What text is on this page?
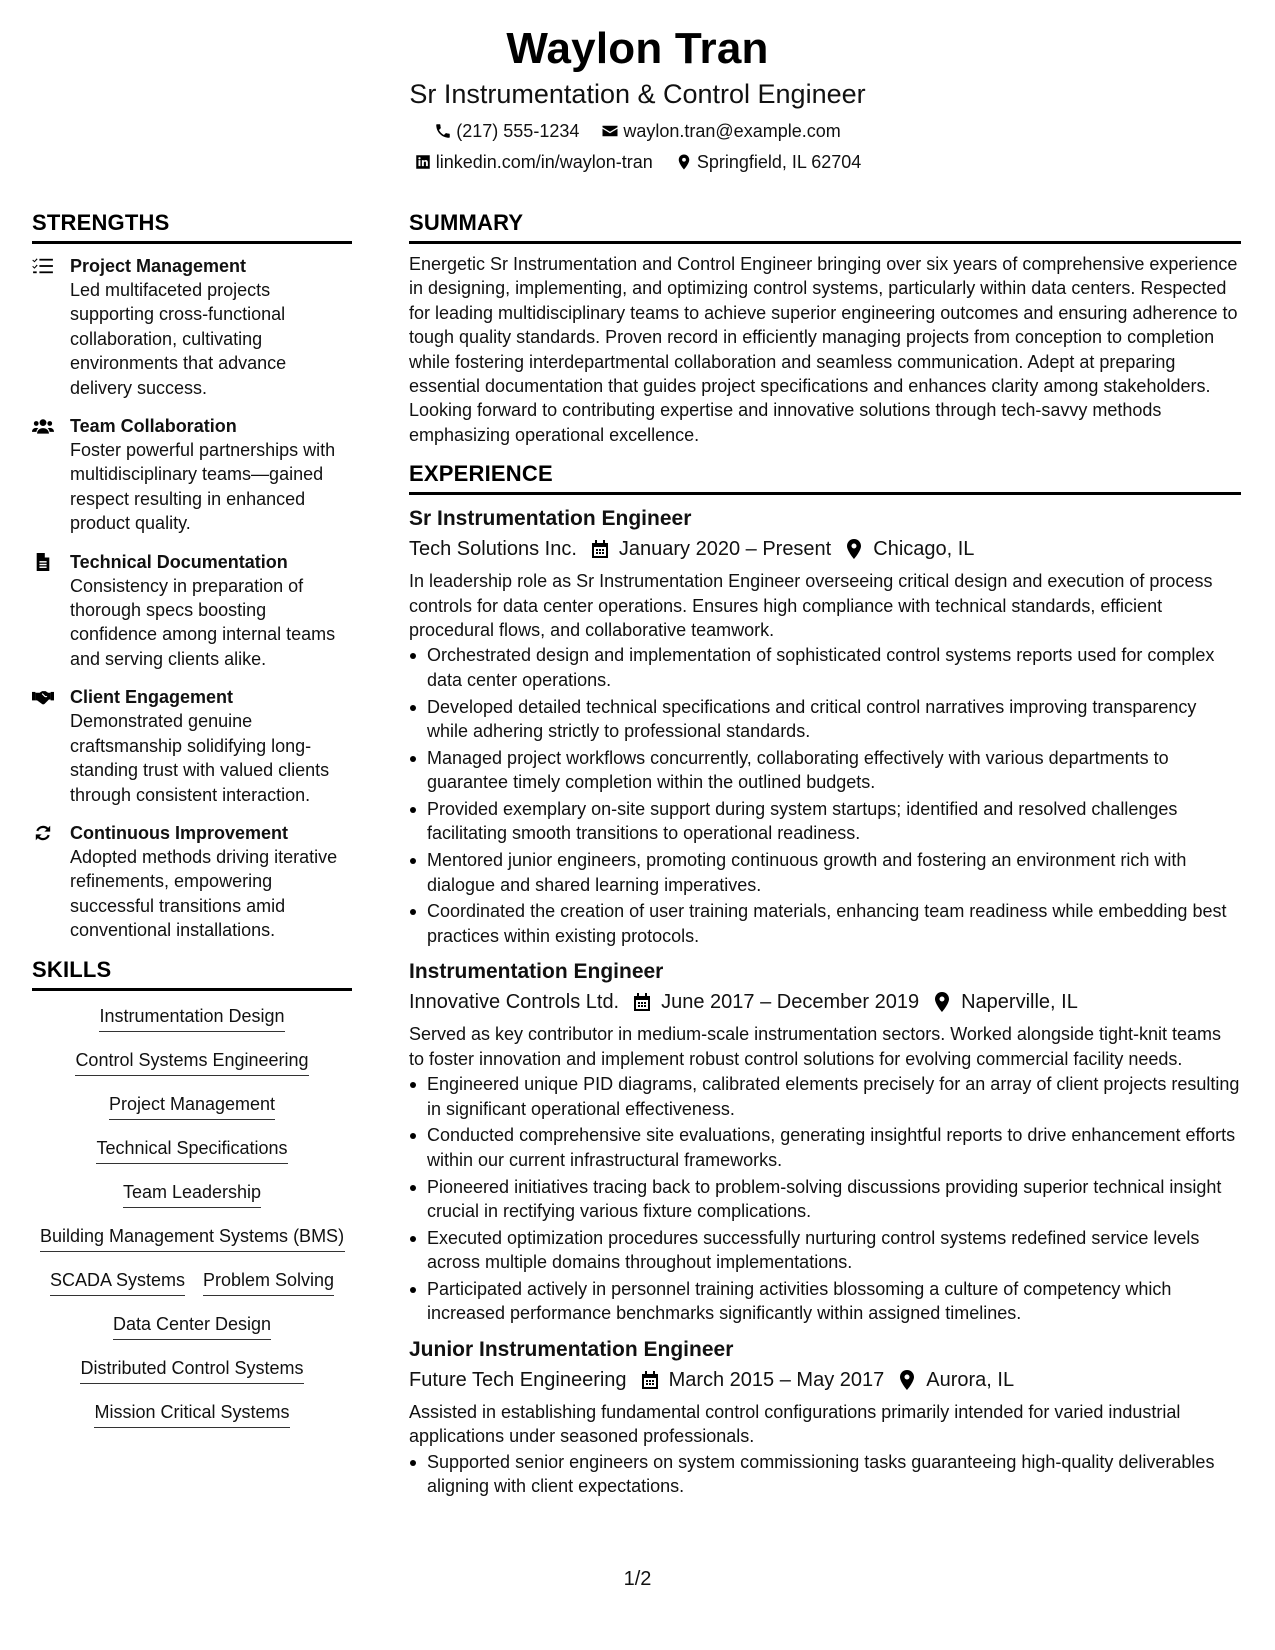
Waylon Tran
Sr Instrumentation & Control Engineer
(217) 555-1234 waylon.tran@example.com
linkedin.com/in/waylon-tran Springfield, IL 62704
STRENGTHS
Project Management
Led multifaceted projects supporting cross-functional collaboration, cultivating environments that advance delivery success.
Team Collaboration
Foster powerful partnerships with multidisciplinary teams—gained respect resulting in enhanced product quality.
Technical Documentation
Consistency in preparation of thorough specs boosting confidence among internal teams and serving clients alike.
Client Engagement
Demonstrated genuine craftsmanship solidifying long-standing trust with valued clients through consistent interaction.
Continuous Improvement
Adopted methods driving iterative refinements, empowering successful transitions amid conventional installations.
SKILLS
Instrumentation Design
Control Systems Engineering
Project Management
Technical Specifications
Team Leadership
Building Management Systems (BMS)
SCADA Systems Problem Solving
Data Center Design
Distributed Control Systems
Mission Critical Systems
SUMMARY
Energetic Sr Instrumentation and Control Engineer bringing over six years of comprehensive experience in designing, implementing, and optimizing control systems, particularly within data centers. Respected for leading multidisciplinary teams to achieve superior engineering outcomes and ensuring adherence to tough quality standards. Proven record in efficiently managing projects from conception to completion while fostering interdepartmental collaboration and seamless communication. Adept at preparing essential documentation that guides project specifications and enhances clarity among stakeholders. Looking forward to contributing expertise and innovative solutions through tech-savvy methods emphasizing operational excellence.
EXPERIENCE
Sr Instrumentation Engineer
Tech Solutions Inc. January 2020 – Present Chicago, IL
In leadership role as Sr Instrumentation Engineer overseeing critical design and execution of process controls for data center operations. Ensures high compliance with technical standards, efficient procedural flows, and collaborative teamwork.
Orchestrated design and implementation of sophisticated control systems reports used for complex data center operations.
Developed detailed technical specifications and critical control narratives improving transparency while adhering strictly to professional standards.
Managed project workflows concurrently, collaborating effectively with various departments to guarantee timely completion within the outlined budgets.
Provided exemplary on-site support during system startups; identified and resolved challenges facilitating smooth transitions to operational readiness.
Mentored junior engineers, promoting continuous growth and fostering an environment rich with dialogue and shared learning imperatives.
Coordinated the creation of user training materials, enhancing team readiness while embedding best practices within existing protocols.
Instrumentation Engineer
Innovative Controls Ltd. June 2017 – December 2019 Naperville, IL
Served as key contributor in medium-scale instrumentation sectors. Worked alongside tight-knit teams to foster innovation and implement robust control solutions for evolving commercial facility needs.
Engineered unique PID diagrams, calibrated elements precisely for an array of client projects resulting in significant operational effectiveness.
Conducted comprehensive site evaluations, generating insightful reports to drive enhancement efforts within our current infrastructural frameworks.
Pioneered initiatives tracing back to problem-solving discussions providing superior technical insight crucial in rectifying various fixture complications.
Executed optimization procedures successfully nurturing control systems redefined service levels across multiple domains throughout implementations.
Participated actively in personnel training activities blossoming a culture of competency which increased performance benchmarks significantly within assigned timelines.
Junior Instrumentation Engineer
Future Tech Engineering March 2015 – May 2017 Aurora, IL
Assisted in establishing fundamental control configurations primarily intended for varied industrial applications under seasoned professionals.
Supported senior engineers on system commissioning tasks guaranteeing high-quality deliverables aligning with client expectations.
1/2
